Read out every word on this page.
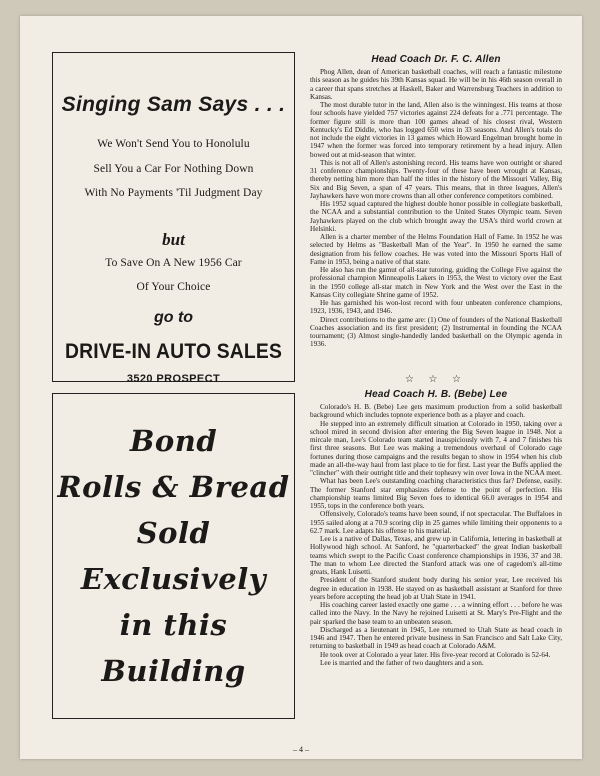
Singing Sam Says . . .
We Won't Send You to Honolulu
Sell You a Car For Nothing Down
With No Payments 'Til Judgment Day
but
To Save On A New 1956 Car
Of Your Choice
go to
DRIVE-IN AUTO SALES
3520 PROSPECT
Bond
Rolls & Bread
Sold
Exclusively
in this
Building
Head Coach Dr. F. C. Allen

Phog Allen, dean of American basketball coaches, will reach a fantastic milestone this season as he guides his 39th Kansas squad. He will be in his 46th season overall in a career that spans stretches at Haskell, Baker and Warrensburg Teachers in addition to Kansas.

The most durable tutor in the land, Allen also is the winningest. His teams at those four schools have yielded 757 victories against 224 defeats for a .771 percentage. The former figure still is more than 100 games ahead of his closest rival, Western Kentucky's Ed Diddle, who has logged 650 wins in 33 seasons. And Allen's totals do not include the eight victories in 13 games which Howard Engelman brought home in 1947 when the former was forced into temporary retirement by a head injury. Allen bowed out at mid-season that winter.

This is not all of Allen's astonishing record. His teams have won outright or shared 31 conference championships. Twenty-four of these have been wrought at Kansas, thereby netting him more than half the titles in the history of the Missouri Valley, Big Six and Big Seven, a span of 47 years. This means, that in three leagues, Allen's Jayhawkers have won more crowns than all other conference competitors combined.

His 1952 squad captured the highest double honor possible in collegiate basketball, the NCAA and a substantial contribution to the United States Olympic team. Seven Jayhawkers played on the club which brought away the USA's third world crown at Helsinki.

Allen is a charter member of the Helms Foundation Hall of Fame. In 1952 he was selected by Helms as "Basketball Man of the Year". In 1950 he earned the same designation from his fellow coaches. He was voted into the Missouri Sports Hall of Fame in 1953, being a native of that state.

He also has run the gamut of all-star tutoring, guiding the College Five against the professional champion Minneapolis Lakers in 1953, the West to victory over the East in the 1950 college all-star match in New York and the West over the East in the Kansas City collegiate Shrine game of 1952.

He has garnished his won-lost record with four unbeaten conference champions, 1923, 1936, 1943, and 1946.

Direct contributions to the game are: (1) One of founders of the National Basketball Coaches association and its first president; (2) Instrumental in founding the NCAA tournament; (3) Almost single-handedly landed basketball on the Olympic agenda in 1936.

☆ ☆ ☆
Head Coach H. B. (Bebe) Lee

Colorado's H. B. (Bebe) Lee gets maximum production from a solid basketball background which includes topnote experience both as a player and coach.

He stepped into an extremely difficult situation at Colorado in 1950, taking over a school mired in second division after entering the Big Seven league in 1948. Not a mircale man, Lee's Colorado team started inauspiciously with 7, 4 and 7 finishes his first three seasons. But Lee was making a tremendous overhaul of Colorado cage fortunes during those campaigns and the results began to show in 1954 when his club made an all-the-way haul from last place to tie for first. Last year the Buffs applied the "clincher" with their outright title and their topheavy win over Iowa in the NCAA meet.

What has been Lee's outstanding coaching characteristics thus far? Defense, easily. The former Stanford star emphasizes defense to the point of perfection. His championship teams limited Big Seven foes to identical 66.0 averages in 1954 and 1955, tops in the conference both years.

Offensively, Colorado's teams have been sound, if not spectacular. The Buffaloes in 1955 sailed along at a 70.9 scoring clip in 25 games while limiting their opponents to a 62.7 mark. Lee adapts his offense to his material.

Lee is a native of Dallas, Texas, and grew up in California, lettering in basketball at Hollywood high school. At Sanford, he "quarterbacked" the great Indian basketball teams which swept to the Pacific Coast conference championships in 1936, 37 and 38. The man to whom Lee directed the Stanford attack was one of cagedom's all-time greats, Hank Luisetti.

President of the Stanford student body during his senior year, Lee received his degree in education in 1938. He stayed on as basketball assistant at Stanford for three years before accepting the head job at Utah State in 1941.

His coaching career lasted exactly one game . . . a winning effort . . . before he was called into the Navy. In the Navy he rejoined Luisetti at St. Mary's Pre-Flight and the pair sparked the base team to an unbeaten season.

Discharged as a lieutenant in 1945, Lee returned to Utah State as head coach in 1946 and 1947. Then he entered private business in San Francisco and Salt Lake City, returning to basketball in 1949 as head coach at Colorado A&M.

He took over at Colorado a year later. His five-year record at Colorado is 52-64.

Lee is married and the father of two daughters and a son.

– 4 –
